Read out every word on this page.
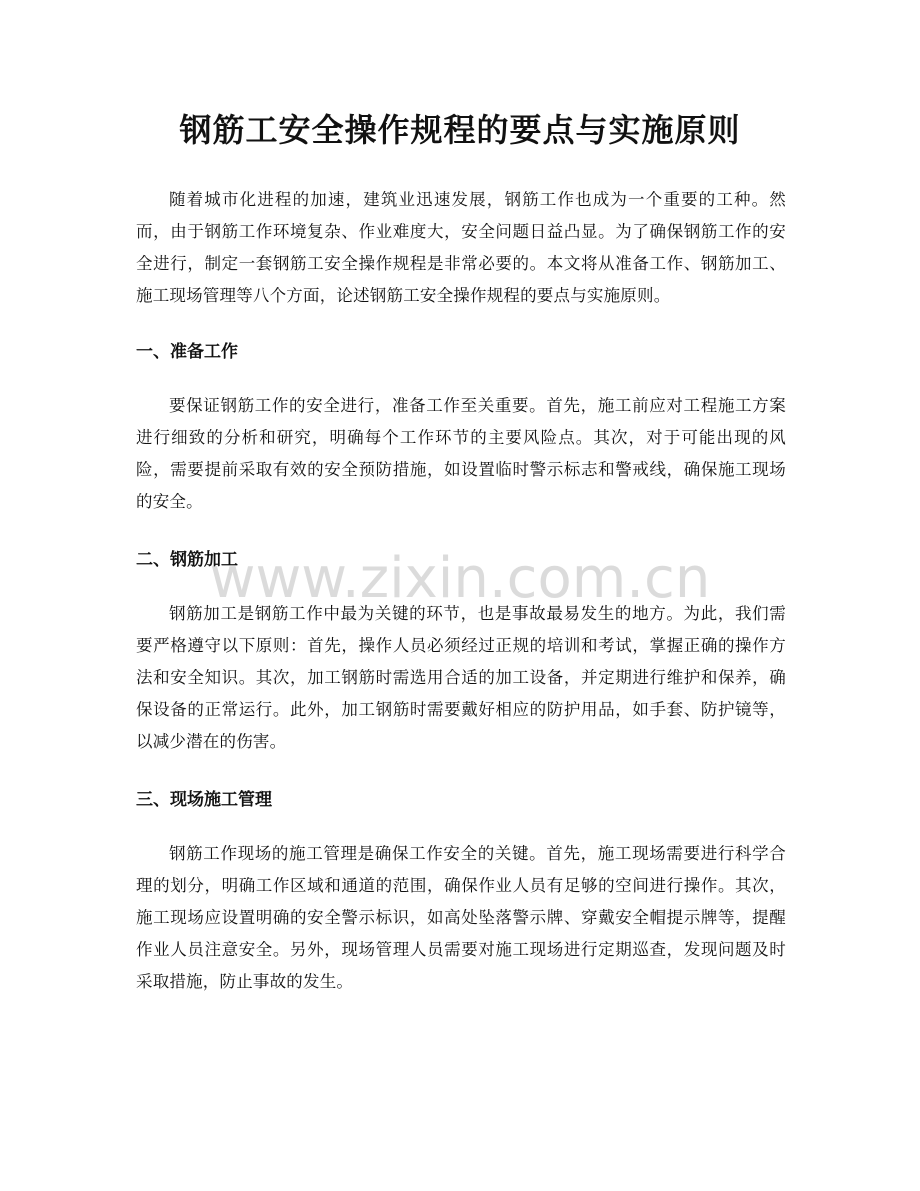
钢筋工安全操作规程的要点与实施原则

随着城市化进程的加速，建筑业迅速发展，钢筋工作也成为一个重要的工种。然而，由于钢筋工作环境复杂、作业难度大，安全问题日益凸显。为了确保钢筋工作的安全进行，制定一套钢筋工安全操作规程是非常必要的。本文将从准备工作、钢筋加工、施工现场管理等八个方面，论述钢筋工安全操作规程的要点与实施原则。

一、准备工作

要保证钢筋工作的安全进行，准备工作至关重要。首先，施工前应对工程施工方案进行细致的分析和研究，明确每个工作环节的主要风险点。其次，对于可能出现的风险，需要提前采取有效的安全预防措施，如设置临时警示标志和警戒线，确保施工现场的安全。

二、钢筋加工

钢筋加工是钢筋工作中最为关键的环节，也是事故最易发生的地方。为此，我们需要严格遵守以下原则：首先，操作人员必须经过正规的培训和考试，掌握正确的操作方法和安全知识。其次，加工钢筋时需选用合适的加工设备，并定期进行维护和保养，确保设备的正常运行。此外，加工钢筋时需要戴好相应的防护用品，如手套、防护镜等，以减少潜在的伤害。

三、现场施工管理

钢筋工作现场的施工管理是确保工作安全的关键。首先，施工现场需要进行科学合理的划分，明确工作区域和通道的范围，确保作业人员有足够的空间进行操作。其次，施工现场应设置明确的安全警示标识，如高处坠落警示牌、穿戴安全帽提示牌等，提醒作业人员注意安全。另外，现场管理人员需要对施工现场进行定期巡查，发现问题及时采取措施，防止事故的发生。

www.zixin.com.cn
